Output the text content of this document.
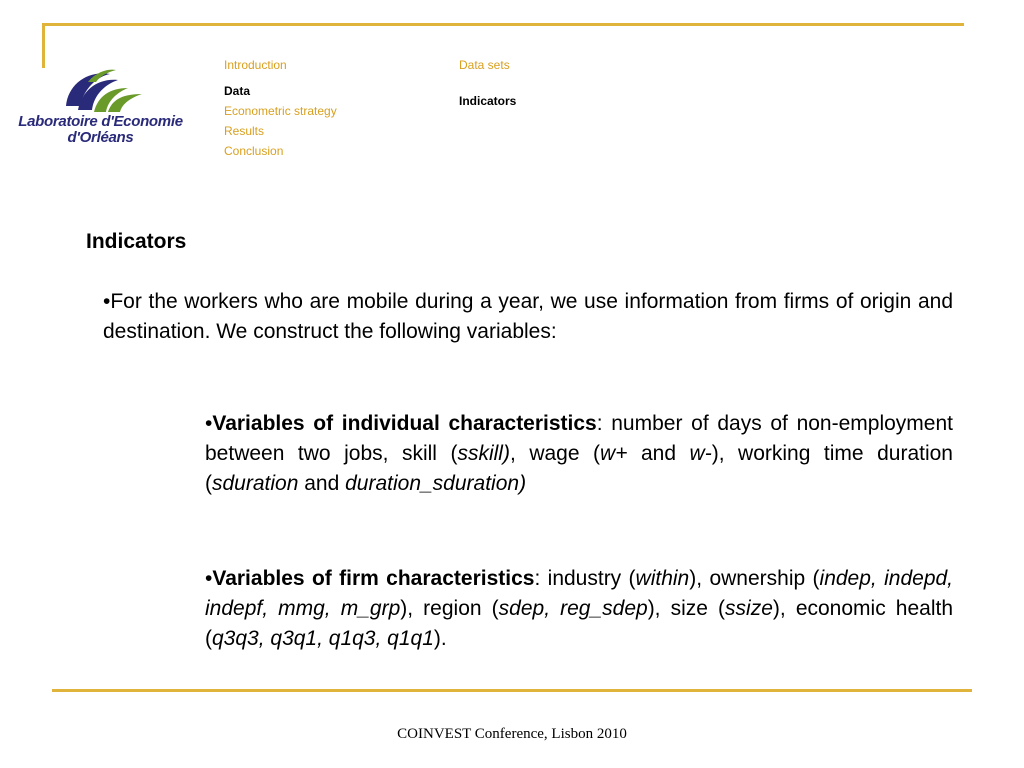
Laboratoire d'Economie
d'Orléans
Introduction
Data
Econometric strategy
Results
Conclusion
Data sets
Indicators
Indicators
•For the workers who are mobile during a year, we use information from firms of origin and destination. We construct the following variables:
•Variables of individual characteristics: number of days of non-employment between two jobs, skill (sskill), wage (w+ and w-), working time duration (sduration and duration_sduration)
•Variables of firm characteristics: industry (within), ownership (indep, indepd, indepf, mmg, m_grp), region (sdep, reg_sdep), size (ssize), economic health (q3q3, q3q1, q1q3, q1q1).
COINVEST Conference, Lisbon 2010
